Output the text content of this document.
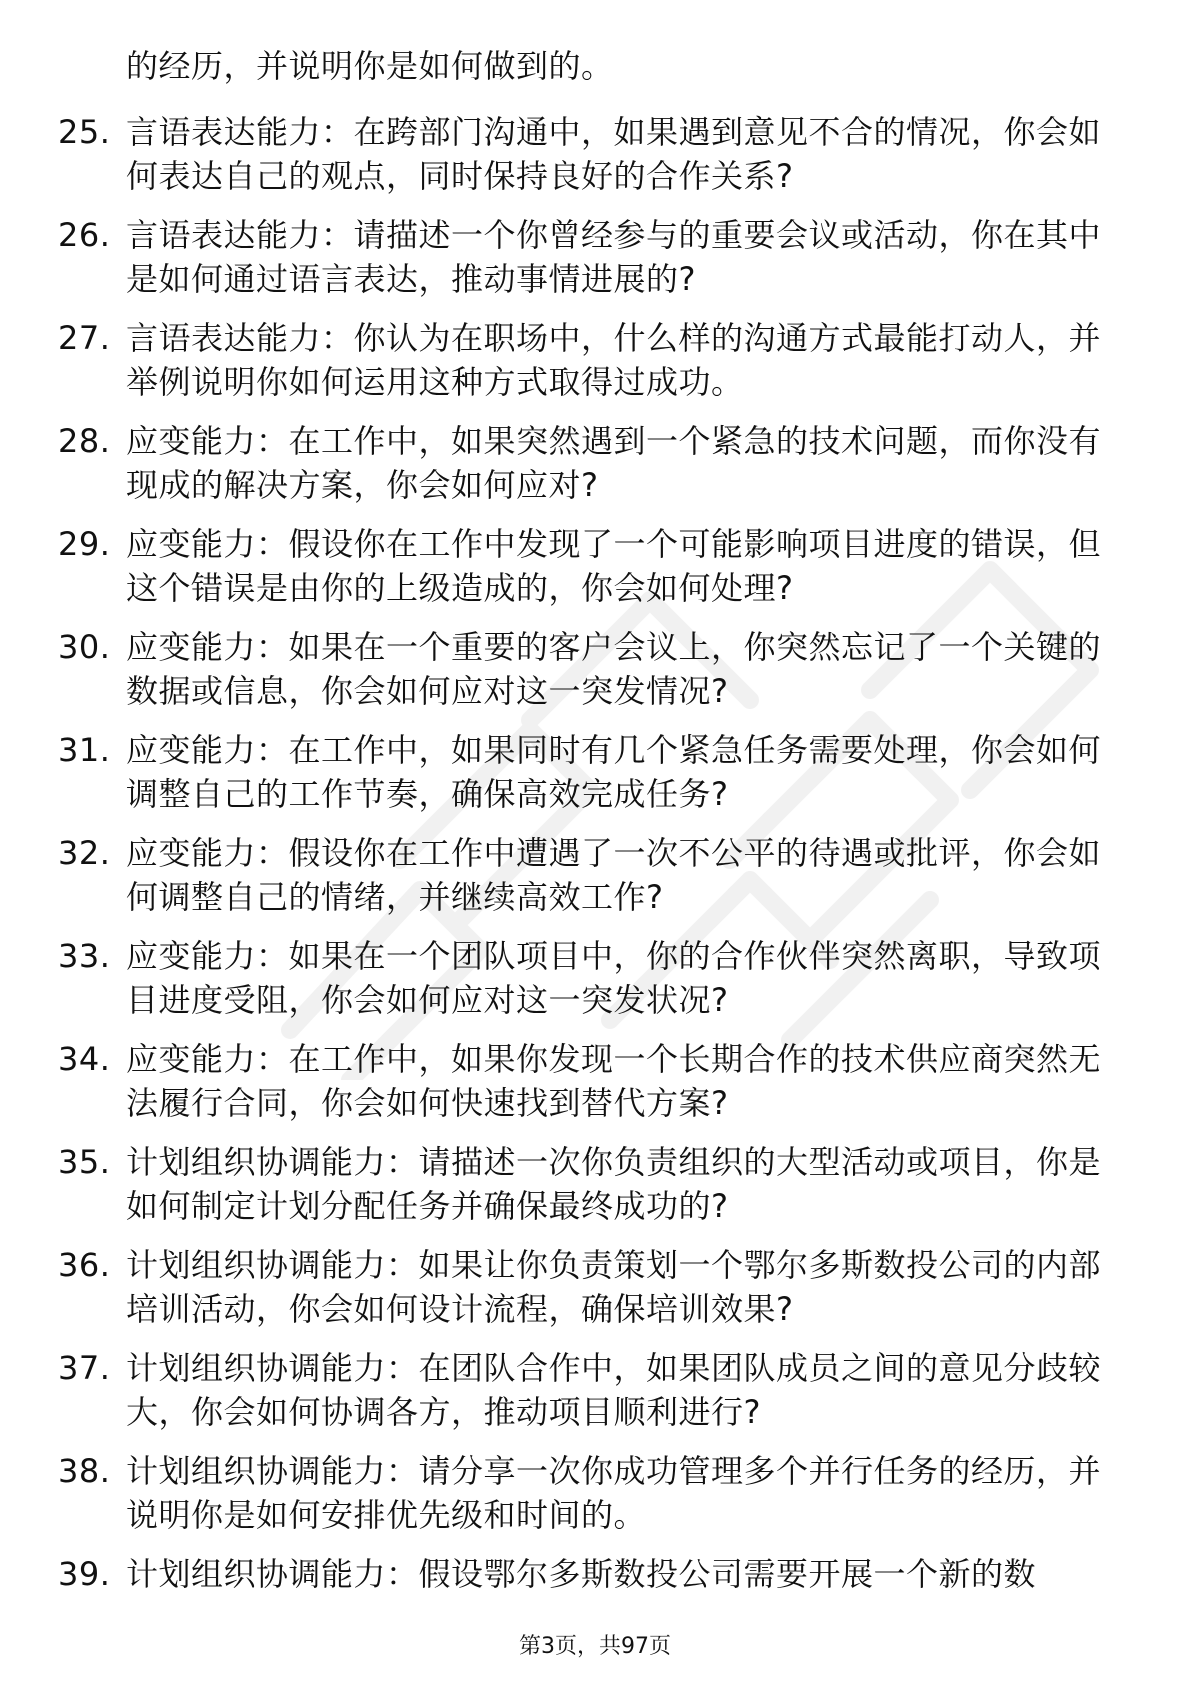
的经历，并说明你是如何做到的。
25. 言语表达能力：在跨部门沟通中，如果遇到意见不合的情况，你会如何表达自己的观点，同时保持良好的合作关系?
26. 言语表达能力：请描述一个你曾经参与的重要会议或活动，你在其中是如何通过语言表达，推动事情进展的?
27. 言语表达能力：你认为在职场中，什么样的沟通方式最能打动人，并举例说明你如何运用这种方式取得过成功。
28. 应变能力：在工作中，如果突然遇到一个紧急的技术问题，而你没有现成的解决方案，你会如何应对?
29. 应变能力：假设你在工作中发现了一个可能影响项目进度的错误，但这个错误是由你的上级造成的，你会如何处理?
30. 应变能力：如果在一个重要的客户会议上，你突然忘记了一个关键的数据或信息，你会如何应对这一突发情况?
31. 应变能力：在工作中，如果同时有几个紧急任务需要处理，你会如何调整自己的工作节奏，确保高效完成任务?
32. 应变能力：假设你在工作中遭遇了一次不公平的待遇或批评，你会如何调整自己的情绪，并继续高效工作?
33. 应变能力：如果在一个团队项目中，你的合作伙伴突然离职，导致项目进度受阻，你会如何应对这一突发状况?
34. 应变能力：在工作中，如果你发现一个长期合作的技术供应商突然无法履行合同，你会如何快速找到替代方案?
35. 计划组织协调能力：请描述一次你负责组织的大型活动或项目，你是如何制定计划分配任务并确保最终成功的?
36. 计划组织协调能力：如果让你负责策划一个鄂尔多斯数投公司的内部培训活动，你会如何设计流程，确保培训效果?
37. 计划组织协调能力：在团队合作中，如果团队成员之间的意见分歧较大，你会如何协调各方，推动项目顺利进行?
38. 计划组织协调能力：请分享一次你成功管理多个并行任务的经历，并说明你是如何安排优先级和时间的。
39. 计划组织协调能力：假设鄂尔多斯数投公司需要开展一个新的数
第3页，共97页
